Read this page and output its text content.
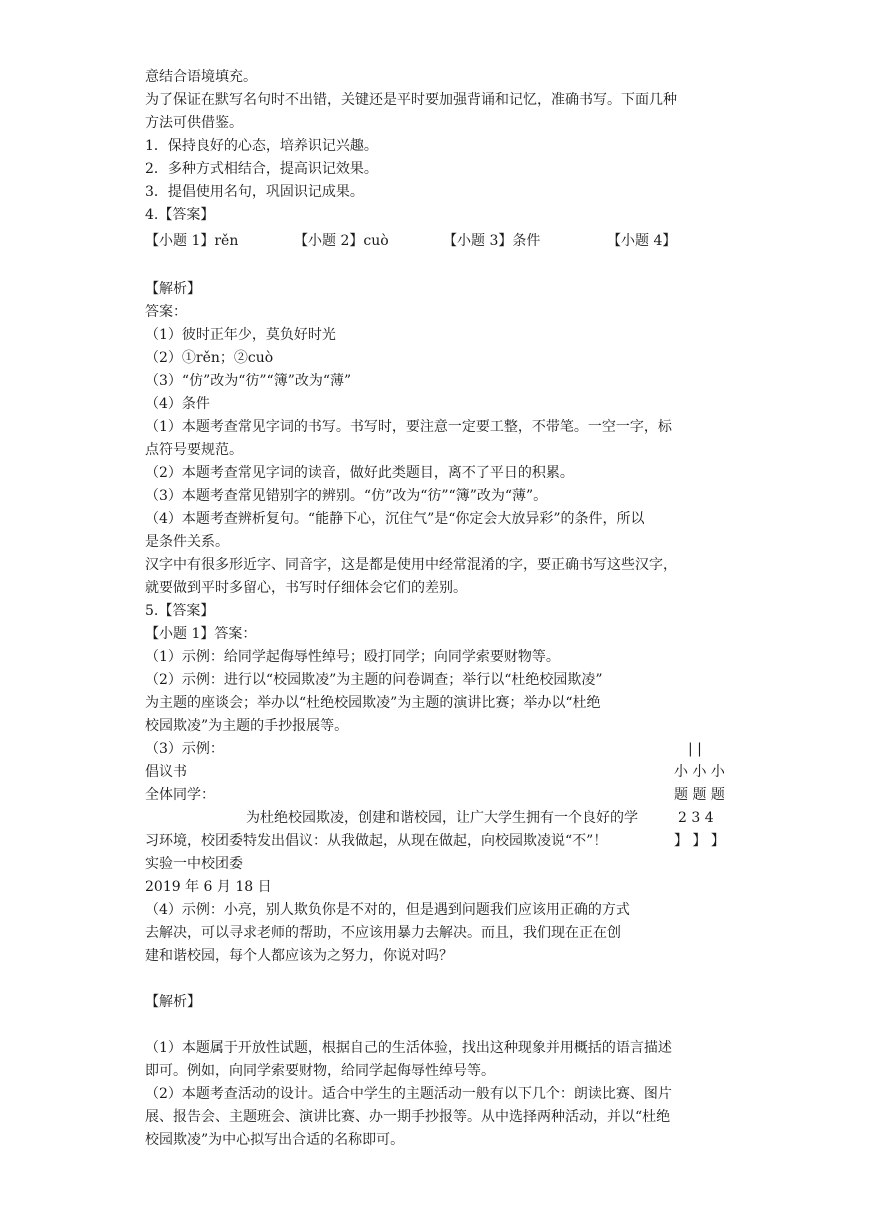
意结合语境填充。
为了保证在默写名句时不出错，关键还是平时要加强背诵和记忆，准确书写。下面几种
方法可供借鉴。
1．保持良好的心态，培养识记兴趣。
2．多种方式相结合，提高识记效果。
3．提倡使用名句，巩固识记成果。
4.【答案】
【小题 1】rěn	【小题 2】cuò	【小题 3】条件	【小题 4】
【解析】
答案：
（1）彼时正年少，莫负好时光
（2）①rěn；②cuò
（3）“仿”改为“彷”“簿”改为“薄”
（4）条件
（1）本题考查常见字词的书写。书写时，要注意一定要工整，不带笔。一空一字，标
点符号要规范。
（2）本题考查常见字词的读音，做好此类题目，离不了平日的积累。
（3）本题考查常见错别字的辨别。“仿”改为“彷”“簿”改为“薄”。
（4）本题考查辨析复句。“能静下心，沉住气”是“你定会大放异彩”的条件，所以
是条件关系。
汉字中有很多形近字、同音字，这是都是使用中经常混淆的字，要正确书写这些汉字，
就要做到平时多留心，书写时仔细体会它们的差别。
5.【答案】
【小题 1】答案：
（1）示例：给同学起侮辱性绰号；殴打同学；向同学索要财物等。
（2）示例：进行以“校园欺凌”为主题的问卷调查；举行以“杜绝校园欺凌”
为主题的座谈会；举办以“杜绝校园欺凌”为主题的演讲比赛；举办以“杜绝
校园欺凌”为主题的手抄报展等。
（3）示例：
倡议书
全体同学：
为杜绝校园欺凌，创建和谐校园，让广大学生拥有一个良好的学
习环境，校团委特发出倡议：从我做起，从现在做起，向校园欺凌说“不”！
实验一中校团委
2019 年 6 月 18 日
（4）示例：小亮，别人欺负你是不对的，但是遇到问题我们应该用正确的方式
去解决，可以寻求老师的帮助，不应该用暴力去解决。而且，我们现在正在创
建和谐校园，每个人都应该为之努力，你说对吗？
| |
小 小 小
题 题 题
2 3 4
】 】 】
【解析】
（1）本题属于开放性试题，根据自己的生活体验，找出这种现象并用概括的语言描述
即可。例如，向同学索要财物，给同学起侮辱性绰号等。
（2）本题考查活动的设计。适合中学生的主题活动一般有以下几个：朗读比赛、图片
展、报告会、主题班会、演讲比赛、办一期手抄报等。从中选择两种活动，并以“杜绝
校园欺凌”为中心拟写出合适的名称即可。
